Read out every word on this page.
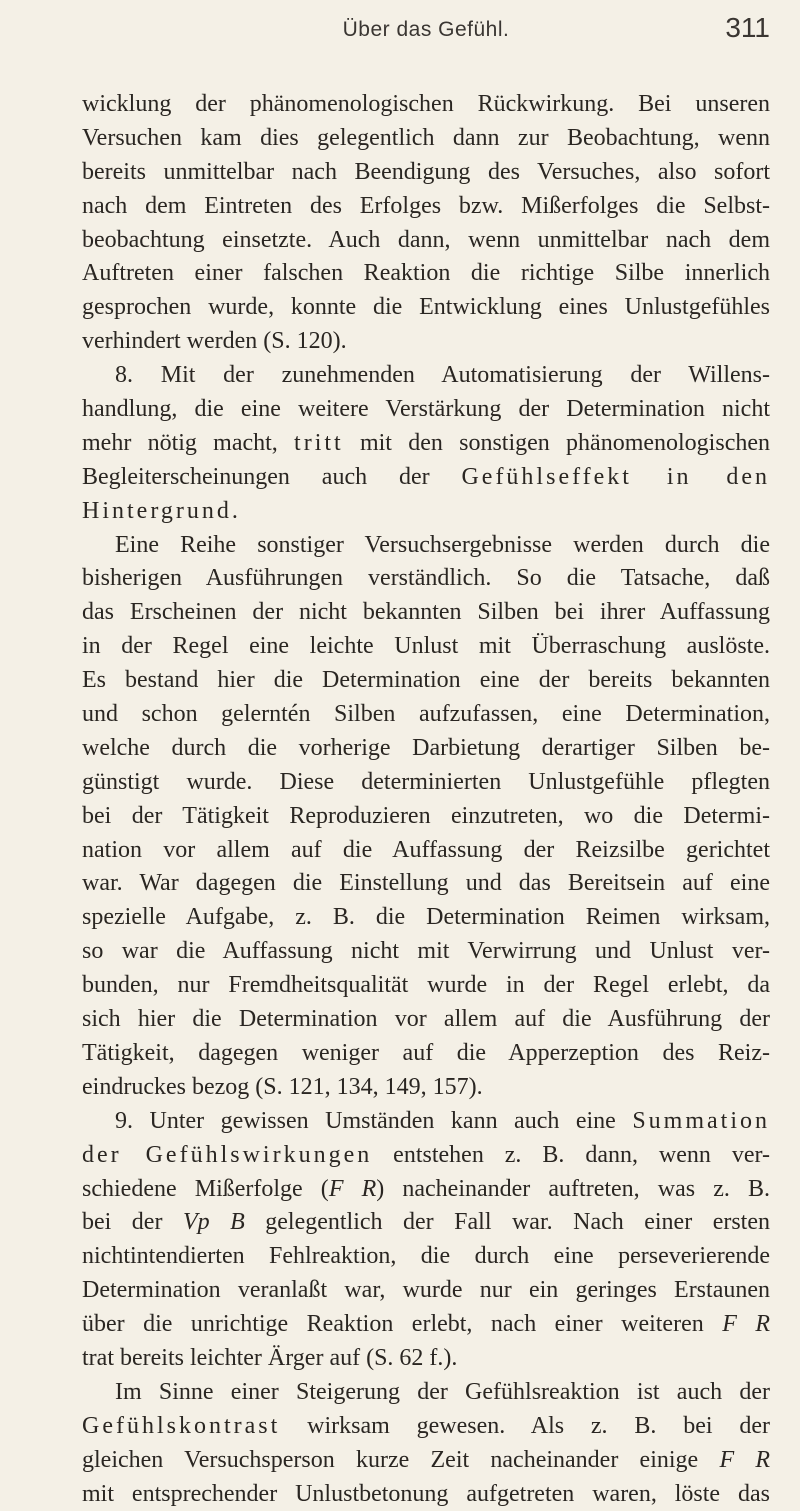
Über das Gefühl.	311
wicklung der phänomenologischen Rückwirkung. Bei unseren
Versuchen kam dies gelegentlich dann zur Beobachtung, wenn
bereits unmittelbar nach Beendigung des Versuches, also sofort
nach dem Eintreten des Erfolges bzw. Mißerfolges die Selbst-
beobachtung einsetzte. Auch dann, wenn unmittelbar nach dem
Auftreten einer falschen Reaktion die richtige Silbe innerlich
gesprochen wurde, konnte die Entwicklung eines Unlustgefühles
verhindert werden (S. 120).
8. Mit der zunehmenden Automatisierung der Willens-
handlung, die eine weitere Verstärkung der Determination nicht
mehr nötig macht, tritt mit den sonstigen phänomenologischen
Begleiterscheinungen auch der Gefühlseffekt in den
Hintergrund.
Eine Reihe sonstiger Versuchsergebnisse werden durch die
bisherigen Ausführungen verständlich. So die Tatsache, daß
das Erscheinen der nicht bekannten Silben bei ihrer Auffassung
in der Regel eine leichte Unlust mit Überraschung auslöste.
Es bestand hier die Determination eine der bereits bekannten
und schon gelerntén Silben aufzufassen, eine Determination,
welche durch die vorherige Darbietung derartiger Silben be-
günstigt wurde. Diese determinierten Unlustgefühle pflegten
bei der Tätigkeit Reproduzieren einzutreten, wo die Determi-
nation vor allem auf die Auffassung der Reizsilbe gerichtet
war. War dagegen die Einstellung und das Bereitsein auf eine
spezielle Aufgabe, z. B. die Determination Reimen wirksam,
so war die Auffassung nicht mit Verwirrung und Unlust ver-
bunden, nur Fremdheitsqualität wurde in der Regel erlebt, da
sich hier die Determination vor allem auf die Ausführung der
Tätigkeit, dagegen weniger auf die Apperzeption des Reiz-
eindruckes bezog (S. 121, 134, 149, 157).
9. Unter gewissen Umständen kann auch eine Summation
der Gefühlswirkungen entstehen z. B. dann, wenn ver-
schiedene Mißerfolge (F R) nacheinander auftreten, was z. B.
bei der Vp B gelegentlich der Fall war. Nach einer ersten
nichtintendierten Fehlreaktion, die durch eine perseverierende
Determination veranlaßt war, wurde nur ein geringes Erstaunen
über die unrichtige Reaktion erlebt, nach einer weiteren F R
trat bereits leichter Ärger auf (S. 62 f.).
Im Sinne einer Steigerung der Gefühlsreaktion ist auch der
Gefühlskontrast wirksam gewesen. Als z. B. bei der
gleichen Versuchsperson kurze Zeit nacheinander einige F R
mit entsprechender Unlustbetonung aufgetreten waren, löste das
